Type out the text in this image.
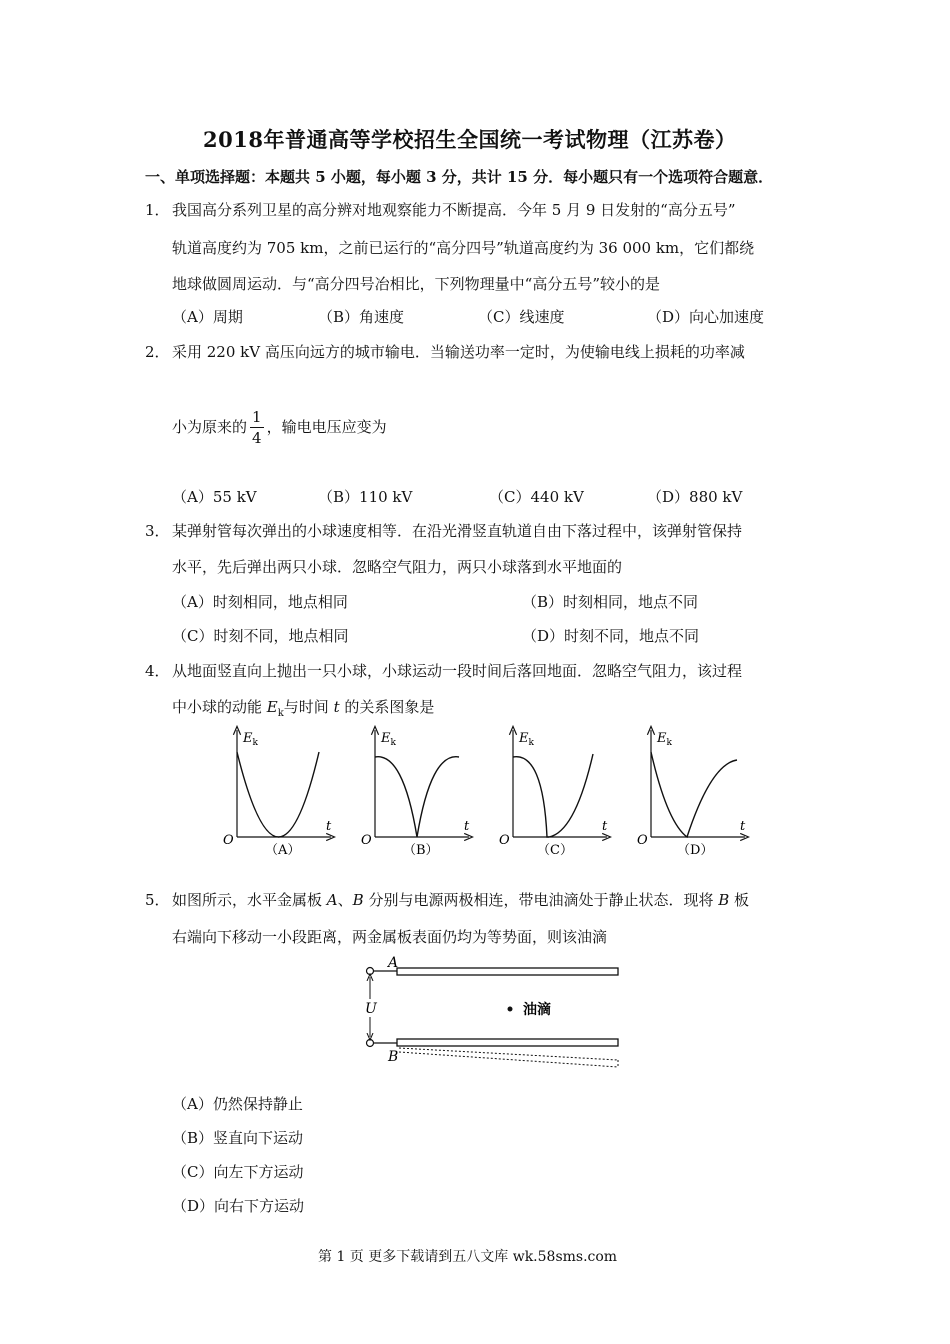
2018年普通高等学校招生全国统一考试物理（江苏卷）
一、单项选择题：本题共 5 小题，每小题 3 分，共计 15 分．每小题只有一个选项符合题意．
1． 我国高分系列卫星的高分辨对地观察能力不断提高．今年 5 月 9 日发射的“高分五号”
轨道高度约为 705 km，之前已运行的“高分四号”轨道高度约为 36 000 km，它们都绕
地球做圆周运动．与“高分四号冶相比，下列物理量中“高分五号”较小的是
（A）周期	（B）角速度	（C）线速度	（D）向心加速度
2． 采用 220 kV 高压向远方的城市输电．当输送功率一定时，为使输电线上损耗的功率减
小为原来的 $\frac{1}{4}$ ，输电电压应变为
（A）55 kV	（B）110 kV	（C）440 kV	（D）880 kV
3． 某弹射管每次弹出的小球速度相等．在沿光滑竖直轨道自由下落过程中，该弹射管保持
水平，先后弹出两只小球．忽略空气阻力，两只小球落到水平地面的
（A）时刻相同，地点相同	（B）时刻相同，地点不同
（C）时刻不同，地点相同	（D）时刻不同，地点不同
4． 从地面竖直向上抛出一只小球，小球运动一段时间后落回地面．忽略空气阻力，该过程
中小球的动能 $E_k$与时间 t 的关系图象是
$E_k$
O
t
（A）
$E_k$
O
t
（B）
$E_k$
O
t
（C）
$E_k$
O
t
（D）
5． 如图所示，水平金属板 A、B 分别与电源两极相连，带电油滴处于静止状态．现将 B 板
右端向下移动一小段距离，两金属板表面仍均为等势面，则该油滴
U
A
B
油滴
（A）仍然保持静止
（B）竖直向下运动
（C）向左下方运动
（D）向右下方运动
第 1 页 更多下载请到五八文库 wk.58sms.com
